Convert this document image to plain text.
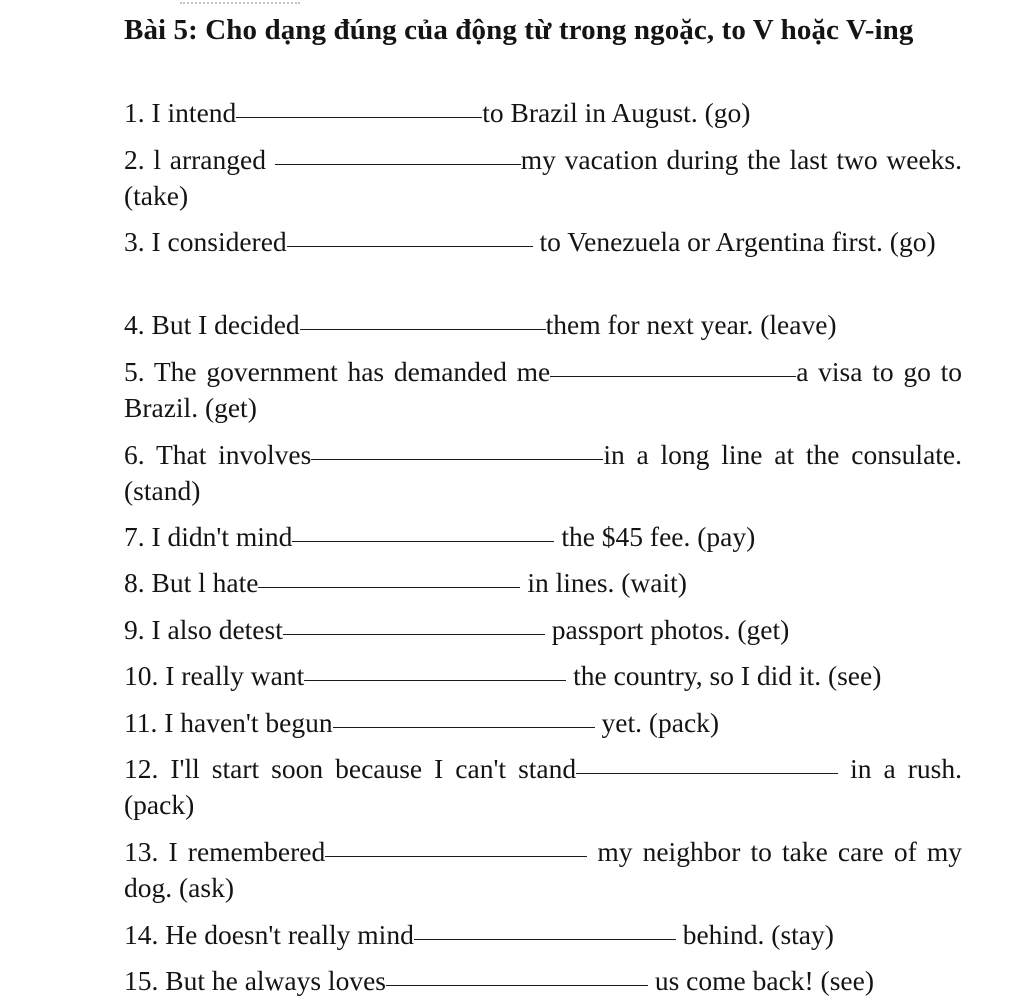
Bài 5: Cho dạng đúng của động từ trong ngoặc, to V hoặc V-ing

1. I intend	to Brazil in August. (go)

2. l arranged	my vacation during the last two weeks. (take)

3. I considered	to Venezuela or Argentina first. (go)

4. But I decided	them for next year. (leave)

5. The government has demanded me	a visa to go to Brazil. (get)

6. That involves	in a long line at the consulate. (stand)

7. I didn't mind	the $45 fee. (pay)

8. But l hate	in lines. (wait)

9. I also detest	passport photos. (get)

10. I really want	the country, so I did it. (see)

11. I haven't begun	yet. (pack)

12. I'll start soon because I can't stand	in a rush. (pack)

13. I remembered	my neighbor to take care of my dog. (ask)

14. He doesn't really mind	behind. (stay)

15. But he always loves	us come back! (see)
